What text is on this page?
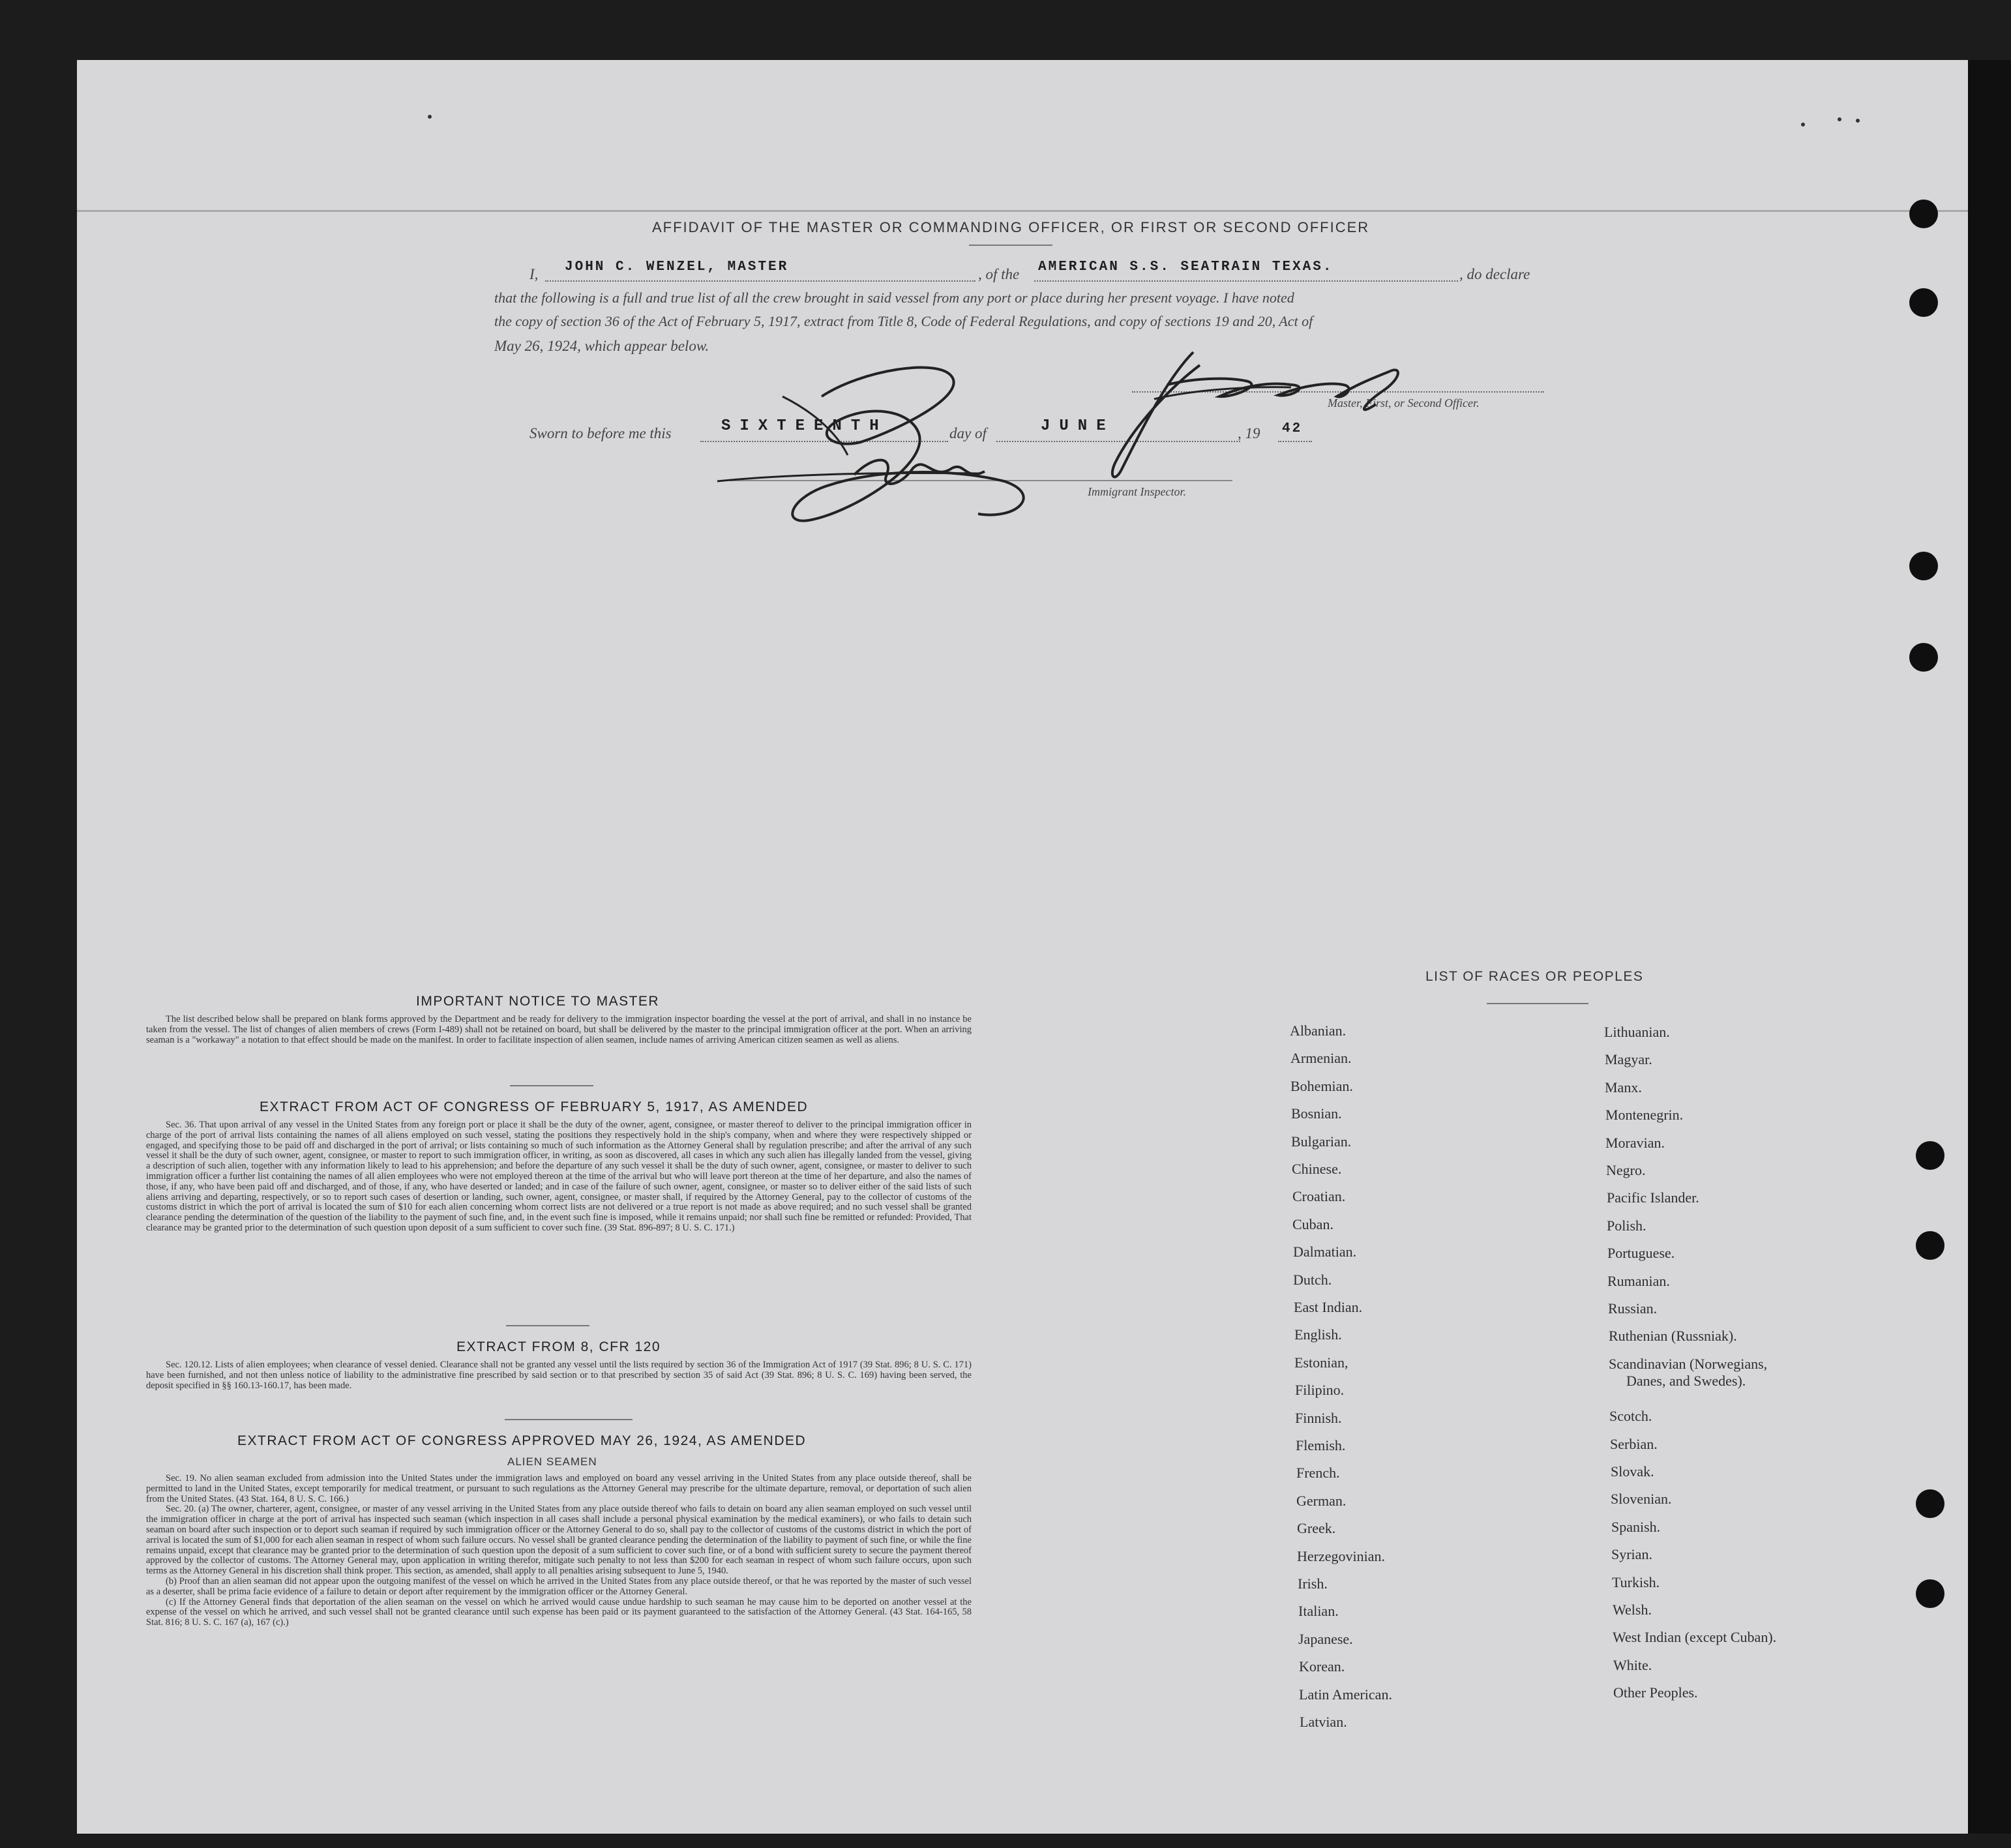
AFFIDAVIT OF THE MASTER OR COMMANDING OFFICER, OR FIRST OR SECOND OFFICER
I, JOHN C. WENZEL, MASTER	, of the AMERICAN S.S. SEATRAIN TEXAS.	, do declare
that the following is a full and true list of all the crew brought in said vessel from any port or place during her present voyage. I have noted
the copy of section 36 of the Act of February 5, 1917, extract from Title 8, Code of Federal Regulations, and copy of sections 19 and 20, Act of
May 26, 1924, which appear below.
Master, First, or Second Officer.
Sworn to before me this	SIXTEENTH	day of	JUNE	, 19 42
Immigrant Inspector.
IMPORTANT NOTICE TO MASTER

The list described below shall be prepared on blank forms approved by the Department and be ready for delivery to the immigration inspector boarding the vessel at the port of arrival, and shall in no instance be taken from the vessel. The list of changes of alien members of crews (Form I-489) shall not be retained on board, but shall be delivered by the master to the principal immigration officer at the port. When an arriving seaman is a "workaway" a notation to that effect should be made on the manifest. In order to facilitate inspection of alien seamen, include names of arriving American citizen seamen as well as aliens.

EXTRACT FROM ACT OF CONGRESS OF FEBRUARY 5, 1917, AS AMENDED

Sec. 36. That upon arrival of any vessel in the United States from any foreign port or place it shall be the duty of the owner, agent, consignee, or master thereof to deliver to the principal immigration officer in charge of the port of arrival lists containing the names of all aliens employed on such vessel, stating the positions they respectively hold in the ship's company, when and where they were respectively shipped or engaged, and specifying those to be paid off and discharged in the port of arrival; or lists containing so much of such information as the Attorney General shall by regulation prescribe; and after the arrival of any such vessel it shall be the duty of such owner, agent, consignee, or master to report to such immigration officer, in writing, as soon as discovered, all cases in which any such alien has illegally landed from the vessel, giving a description of such alien, together with any information likely to lead to his apprehension; and before the departure of any such vessel it shall be the duty of such owner, agent, consignee, or master to deliver to such immigration officer a further list containing the names of all alien employees who were not employed thereon at the time of the arrival but who will leave port thereon at the time of her departure, and also the names of those, if any, who have been paid off and discharged, and of those, if any, who have deserted or landed; and in case of the failure of such owner, agent, consignee, or master so to deliver either of the said lists of such aliens arriving and departing, respectively, or so to report such cases of desertion or landing, such owner, agent, consignee, or master shall, if required by the Attorney General, pay to the collector of customs of the customs district in which the port of arrival is located the sum of $10 for each alien concerning whom correct lists are not delivered or a true report is not made as above required; and no such vessel shall be granted clearance pending the determination of the question of the liability to the payment of such fine, and, in the event such fine is imposed, while it remains unpaid; nor shall such fine be remitted or refunded: Provided, That clearance may be granted prior to the determination of such question upon deposit of a sum sufficient to cover such fine. (39 Stat. 896-897; 8 U. S. C. 171.)

EXTRACT FROM 8, CFR 120

Sec. 120.12. Lists of alien employees; when clearance of vessel denied. Clearance shall not be granted any vessel until the lists required by section 36 of the Immigration Act of 1917 (39 Stat. 896; 8 U. S. C. 171) have been furnished, and not then unless notice of liability to the administrative fine prescribed by said section or to that prescribed by section 35 of said Act (39 Stat. 896; 8 U. S. C. 169) having been served, the deposit specified in §§ 160.13-160.17, has been made.

EXTRACT FROM ACT OF CONGRESS APPROVED MAY 26, 1924, AS AMENDED
ALIEN SEAMEN

Sec. 19. No alien seaman excluded from admission into the United States under the immigration laws and employed on board any vessel arriving in the United States from any place outside thereof, shall be permitted to land in the United States, except temporarily for medical treatment, or pursuant to such regulations as the Attorney General may prescribe for the ultimate departure, removal, or deportation of such alien from the United States. (43 Stat. 164, 8 U. S. C. 166.)

Sec. 20. (a) The owner, charterer, agent, consignee, or master of any vessel arriving in the United States from any place outside thereof who fails to detain on board any alien seaman employed on such vessel until the immigration officer in charge at the port of arrival has inspected such seaman (which inspection in all cases shall include a personal physical examination by the medical examiners), or who fails to detain such seaman on board after such inspection or to deport such seaman if required by such immigration officer or the Attorney General to do so, shall pay to the collector of customs of the customs district in which the port of arrival is located the sum of $1,000 for each alien seaman in respect of whom such failure occurs. No vessel shall be granted clearance pending the determination of the liability to payment of such fine, or while the fine remains unpaid, except that clearance may be granted prior to the determination of such question upon the deposit of a sum sufficient to cover such fine, or of a bond with sufficient surety to secure the payment thereof approved by the collector of customs. The Attorney General may, upon application in writing therefor, mitigate such penalty to not less than $200 for each seaman in respect of whom such failure occurs, upon such terms as the Attorney General in his discretion shall think proper. This section, as amended, shall apply to all penalties arising subsequent to June 5, 1940.

(b) Proof than an alien seaman did not appear upon the outgoing manifest of the vessel on which he arrived in the United States from any place outside thereof, or that he was reported by the master of such vessel as a deserter, shall be prima facie evidence of a failure to detain or deport after requirement by the immigration officer or the Attorney General.

(c) If the Attorney General finds that deportation of the alien seaman on the vessel on which he arrived would cause undue hardship to such seaman he may cause him to be deported on another vessel at the expense of the vessel on which he arrived, and such vessel shall not be granted clearance until such expense has been paid or its payment guaranteed to the satisfaction of the Attorney General. (43 Stat. 164-165, 58 Stat. 816; 8 U. S. C. 167 (a), 167 (c).)

LIST OF RACES OR PEOPLES
Albanian.
Armenian.
Bohemian.
Bosnian.
Bulgarian.
Chinese.
Croatian.
Cuban.
Dalmatian.
Dutch.
East Indian.
English.
Estonian,
Filipino.
Finnish.
Flemish.
French.
German.
Greek.
Herzegovinian.
Irish.
Italian.
Japanese.
Korean.
Latin American.
Latvian.
Lithuanian.
Magyar.
Manx.
Montenegrin.
Moravian.
Negro.
Pacific Islander.
Polish.
Portuguese.
Rumanian.
Russian.
Ruthenian (Russniak).
Scandinavian (Norwegians,
Danes, and Swedes).
Scotch.
Serbian.
Slovak.
Slovenian.
Spanish.
Syrian.
Turkish.
Welsh.
West Indian (except Cuban).
White.
Other Peoples.
